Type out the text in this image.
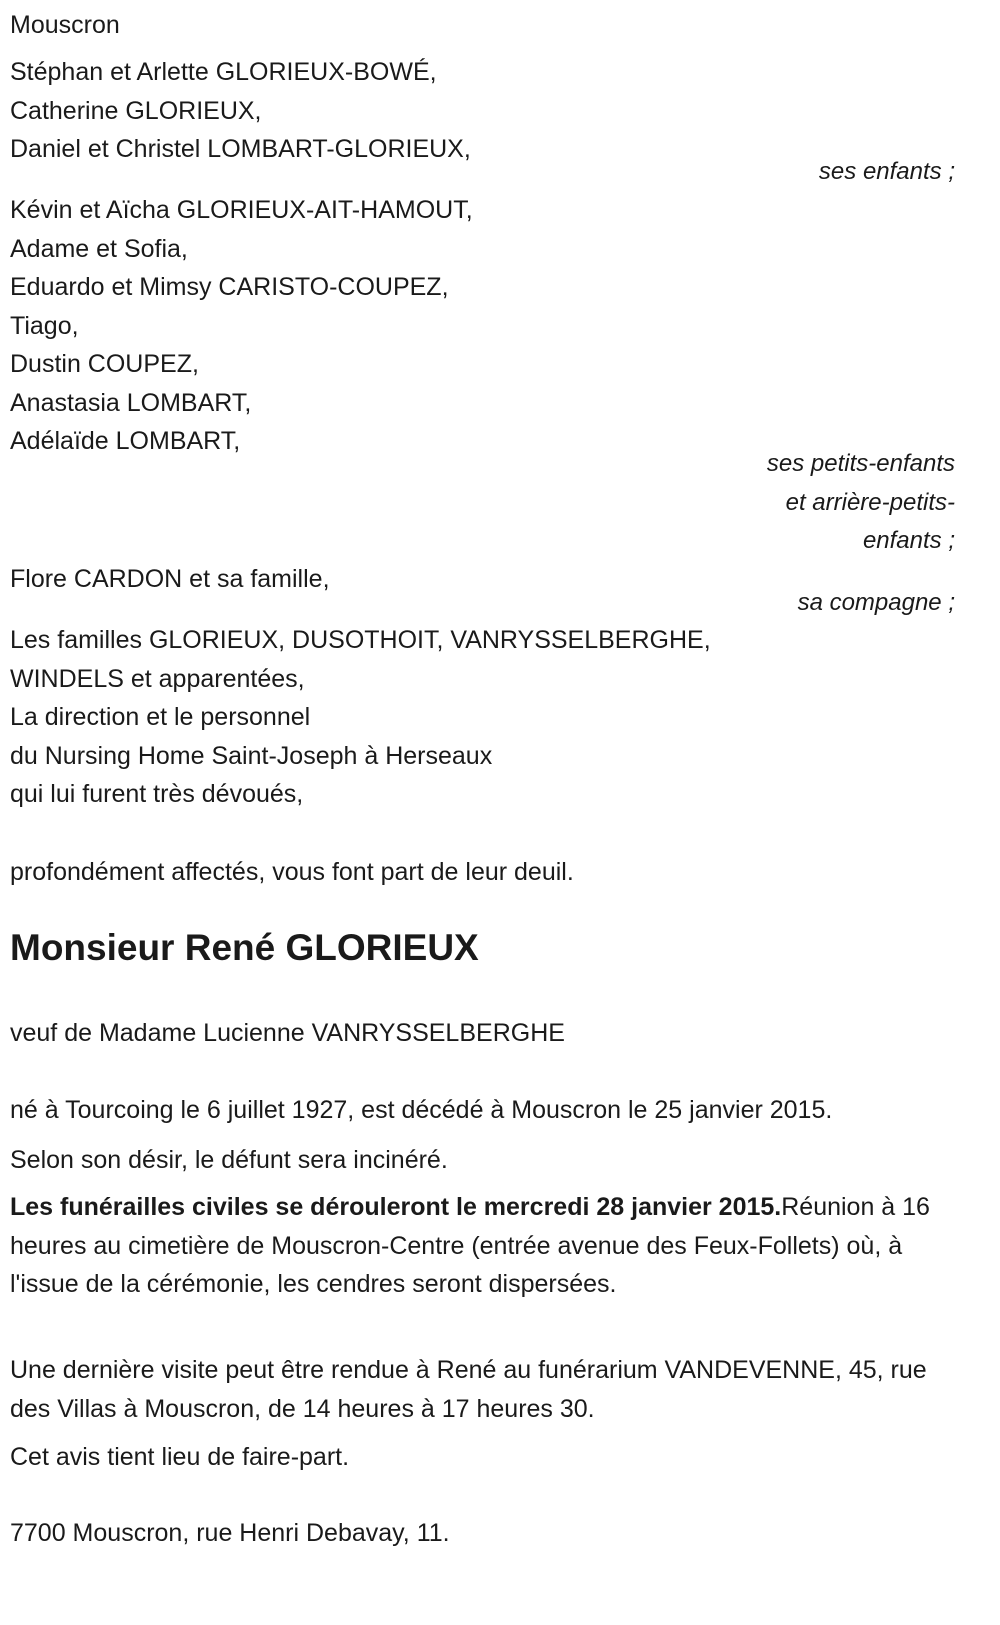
Mouscron
Stéphan et Arlette GLORIEUX-BOWÉ,
Catherine GLORIEUX,
Daniel et Christel LOMBART-GLORIEUX,
ses enfants ;
Kévin et Aïcha GLORIEUX-AIT-HAMOUT,
Adame et Sofia,
Eduardo et Mimsy CARISTO-COUPEZ,
Tiago,
Dustin COUPEZ,
Anastasia LOMBART,
Adélaïde LOMBART,
ses petits-enfants
et arrière-petits-
enfants ;
Flore CARDON et sa famille,
sa compagne ;
Les familles GLORIEUX, DUSOTHOIT, VANRYSSELBERGHE,
WINDELS et apparentées,
La direction et le personnel
du Nursing Home Saint-Joseph à Herseaux
qui lui furent très dévoués,
profondément affectés, vous font part de leur deuil.
Monsieur René GLORIEUX
veuf de Madame Lucienne VANRYSSELBERGHE
né à Tourcoing le 6 juillet 1927, est décédé à Mouscron le 25 janvier 2015.
Selon son désir, le défunt sera incinéré.
Les funérailles civiles se dérouleront le mercredi 28 janvier 2015.Réunion à 16 heures au cimetière de Mouscron-Centre (entrée avenue des Feux-Follets) où, à l'issue de la cérémonie, les cendres seront dispersées.
Une dernière visite peut être rendue à René au funérarium VANDEVENNE, 45, rue des Villas à Mouscron, de 14 heures à 17 heures 30.
Cet avis tient lieu de faire-part.
7700 Mouscron, rue Henri Debavay, 11.
